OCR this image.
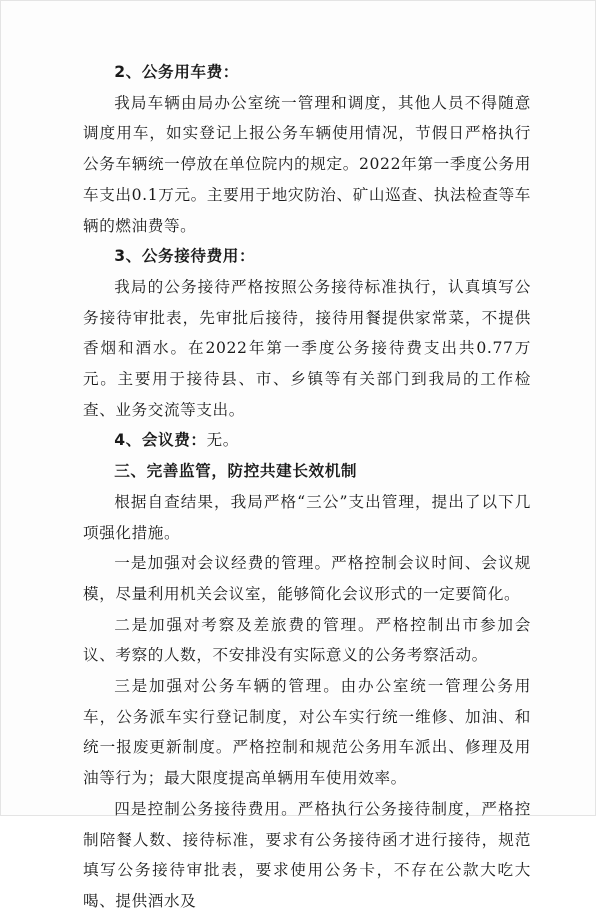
2、公务用车费：

我局车辆由局办公室统一管理和调度，其他人员不得随意调度用车，如实登记上报公务车辆使用情况，节假日严格执行公务车辆统一停放在单位院内的规定。2022年第一季度公务用车支出0.1万元。主要用于地灾防治、矿山巡查、执法检查等车辆的燃油费等。

3、公务接待费用：

我局的公务接待严格按照公务接待标准执行，认真填写公务接待审批表，先审批后接待，接待用餐提供家常菜，不提供香烟和酒水。在2022年第一季度公务接待费支出共0.77万元。主要用于接待县、市、乡镇等有关部门到我局的工作检查、业务交流等支出。

4、会议费：无。

三、完善监管，防控共建长效机制

根据自查结果，我局严格“三公”支出管理，提出了以下几项强化措施。

一是加强对会议经费的管理。严格控制会议时间、会议规模，尽量利用机关会议室，能够简化会议形式的一定要简化。

二是加强对考察及差旅费的管理。严格控制出市参加会议、考察的人数，不安排没有实际意义的公务考察活动。

三是加强对公务车辆的管理。由办公室统一管理公务用车，公务派车实行登记制度，对公车实行统一维修、加油、和统一报废更新制度。严格控制和规范公务用车派出、修理及用油等行为；最大限度提高单辆用车使用效率。

四是控制公务接待费用。严格执行公务接待制度，严格控制陪餐人数、接待标准，要求有公务接待函才进行接待，规范填写公务接待审批表，要求使用公务卡，不存在公款大吃大喝、提供酒水及
